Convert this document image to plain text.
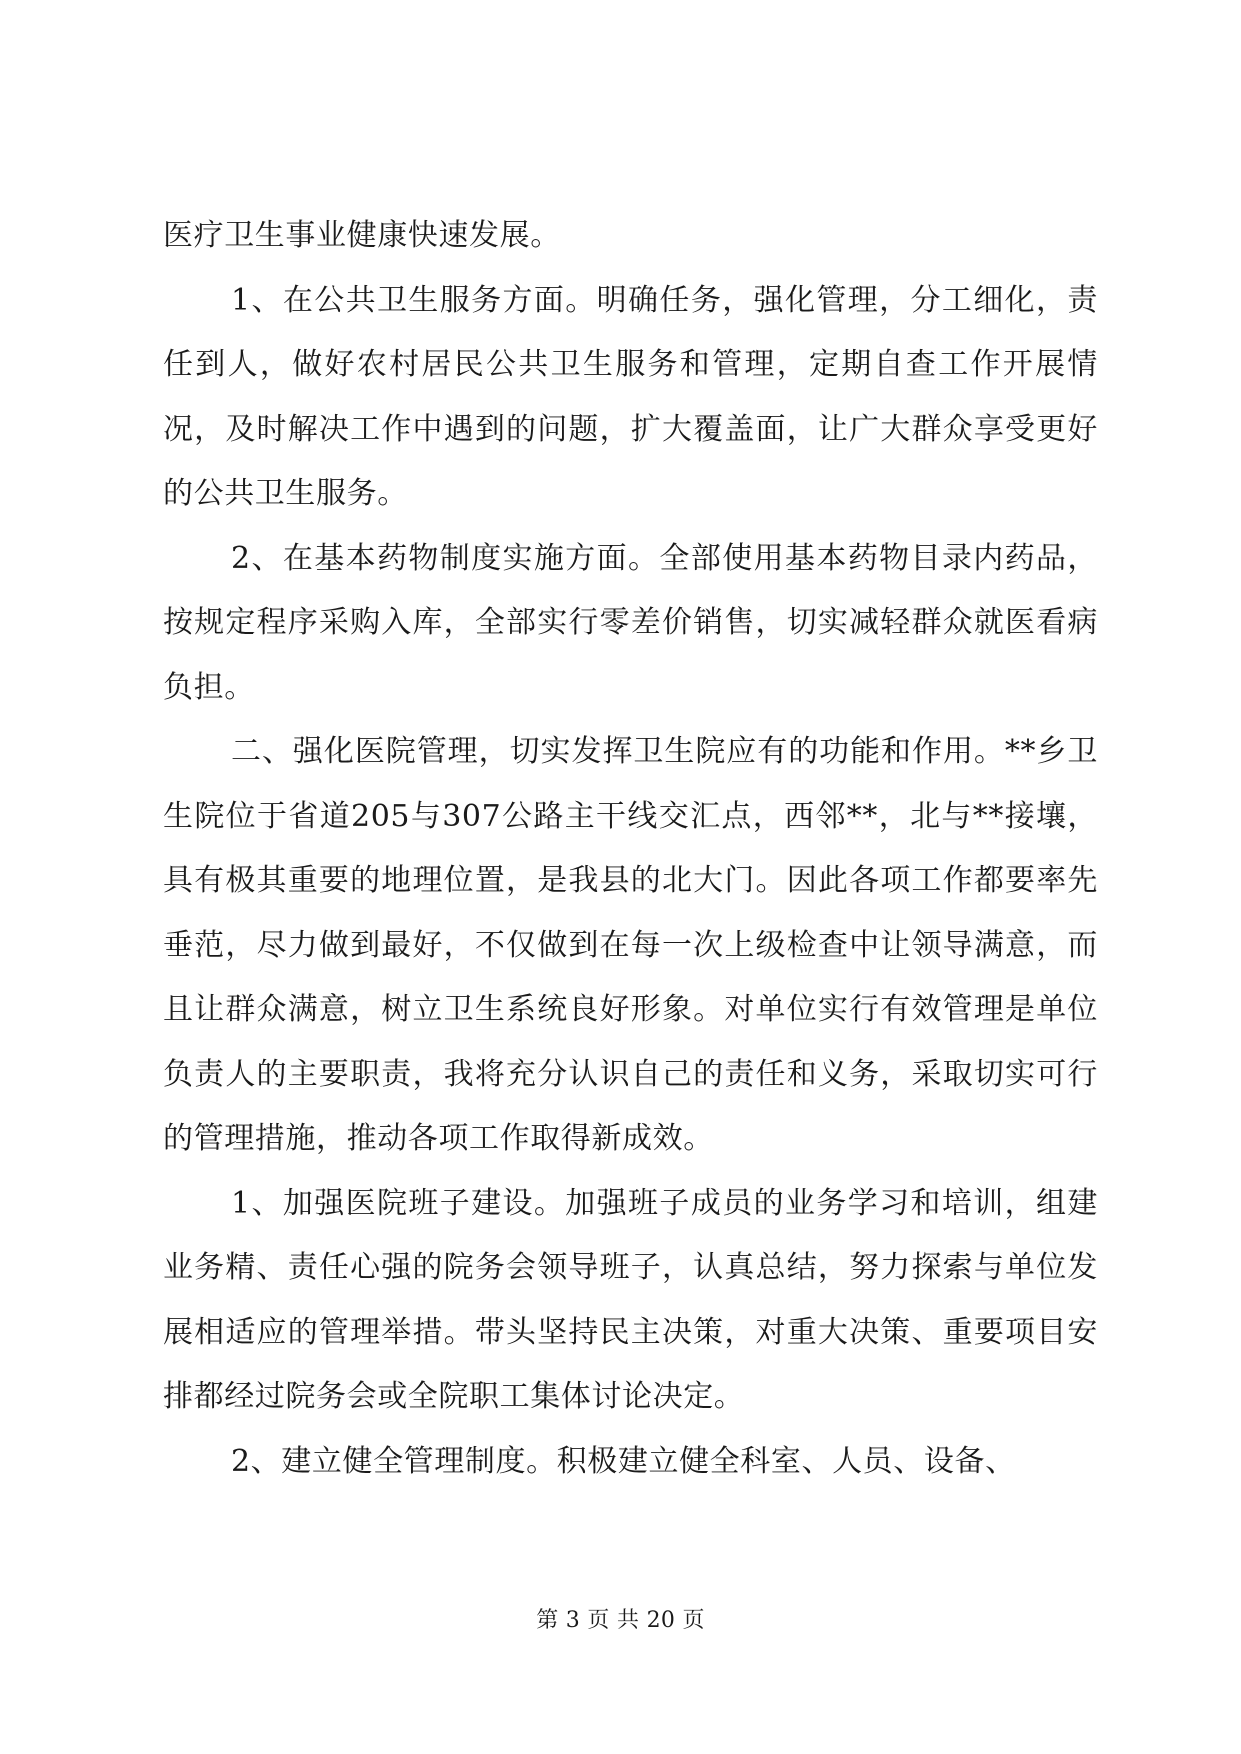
医疗卫生事业健康快速发展。

1、在公共卫生服务方面。明确任务，强化管理，分工细化，责任到人，做好农村居民公共卫生服务和管理，定期自查工作开展情况，及时解决工作中遇到的问题，扩大覆盖面，让广大群众享受更好的公共卫生服务。

2、在基本药物制度实施方面。全部使用基本药物目录内药品，按规定程序采购入库，全部实行零差价销售，切实减轻群众就医看病负担。

二、强化医院管理，切实发挥卫生院应有的功能和作用。**乡卫生院位于省道205与307公路主干线交汇点，西邻**，北与**接壤，具有极其重要的地理位置，是我县的北大门。因此各项工作都要率先垂范，尽力做到最好，不仅做到在每一次上级检查中让领导满意，而且让群众满意，树立卫生系统良好形象。对单位实行有效管理是单位负责人的主要职责，我将充分认识自己的责任和义务，采取切实可行的管理措施，推动各项工作取得新成效。

1、加强医院班子建设。加强班子成员的业务学习和培训，组建业务精、责任心强的院务会领导班子，认真总结，努力探索与单位发展相适应的管理举措。带头坚持民主决策，对重大决策、重要项目安排都经过院务会或全院职工集体讨论决定。

2、建立健全管理制度。积极建立健全科室、人员、设备、

第 3 页 共 20 页
